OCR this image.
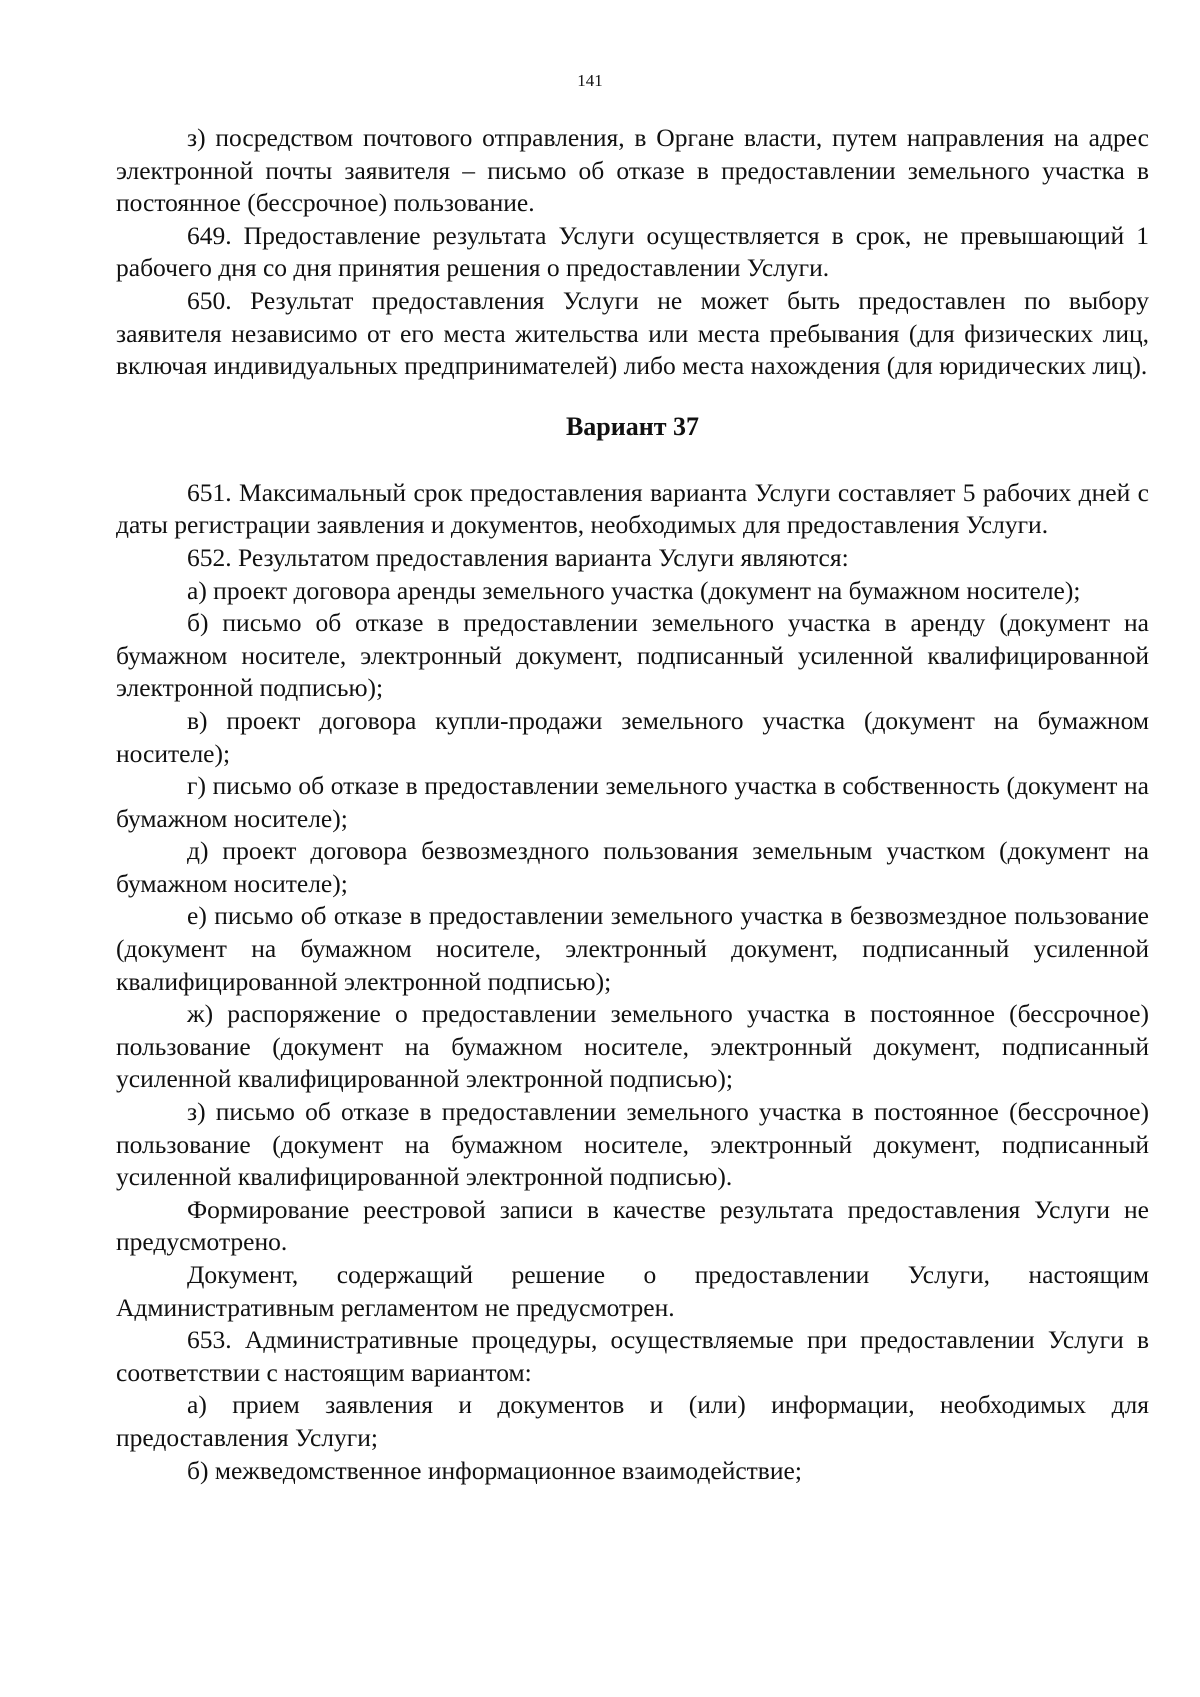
141

з) посредством почтового отправления, в Органе власти, путем направления на адрес электронной почты заявителя – письмо об отказе в предоставлении земельного участка в постоянное (бессрочное) пользование.

649. Предоставление результата Услуги осуществляется в срок, не превышающий 1 рабочего дня со дня принятия решения о предоставлении Услуги.

650. Результат предоставления Услуги не может быть предоставлен по выбору заявителя независимо от его места жительства или места пребывания (для физических лиц, включая индивидуальных предпринимателей) либо места нахождения (для юридических лиц).

Вариант 37

651. Максимальный срок предоставления варианта Услуги составляет 5 рабочих дней с даты регистрации заявления и документов, необходимых для предоставления Услуги.

652. Результатом предоставления варианта Услуги являются:

а) проект договора аренды земельного участка (документ на бумажном носителе);

б) письмо об отказе в предоставлении земельного участка в аренду (документ на бумажном носителе, электронный документ, подписанный усиленной квалифицированной электронной подписью);

в) проект договора купли-продажи земельного участка (документ на бумажном носителе);

г) письмо об отказе в предоставлении земельного участка в собственность (документ на бумажном носителе);

д) проект договора безвозмездного пользования земельным участком (документ на бумажном носителе);

е) письмо об отказе в предоставлении земельного участка в безвозмездное пользование (документ на бумажном носителе, электронный документ, подписанный усиленной квалифицированной электронной подписью);

ж) распоряжение о предоставлении земельного участка в постоянное (бессрочное) пользование (документ на бумажном носителе, электронный документ, подписанный усиленной квалифицированной электронной подписью);

з) письмо об отказе в предоставлении земельного участка в постоянное (бессрочное) пользование (документ на бумажном носителе, электронный документ, подписанный усиленной квалифицированной электронной подписью).

Формирование реестровой записи в качестве результата предоставления Услуги не предусмотрено.

Документ, содержащий решение о предоставлении Услуги, настоящим Административным регламентом не предусмотрен.

653. Административные процедуры, осуществляемые при предоставлении Услуги в соответствии с настоящим вариантом:

а) прием заявления и документов и (или) информации, необходимых для предоставления Услуги;

б) межведомственное информационное взаимодействие;
